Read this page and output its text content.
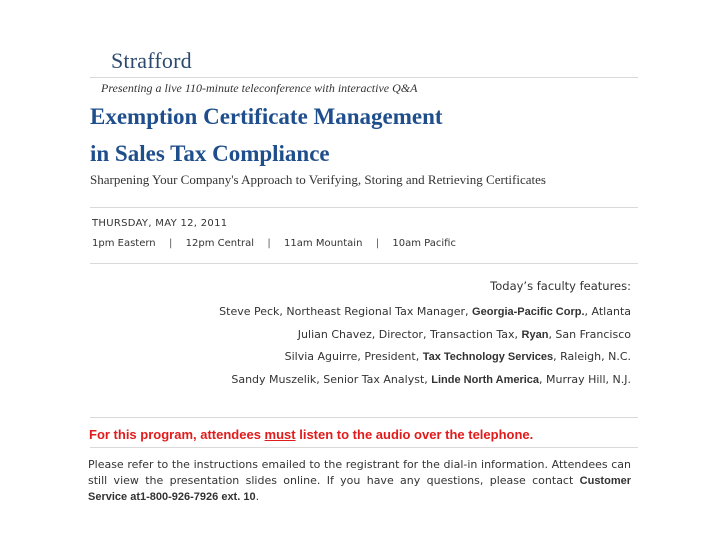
Strafford
Presenting a live 110-minute teleconference with interactive Q&A
Exemption Certificate Management
in Sales Tax Compliance
Sharpening Your Company's Approach to Verifying, Storing and Retrieving Certificates
THURSDAY, MAY 12, 2011
1pm Eastern	|	12pm Central	|	11am Mountain	|	10am Pacific
Today’s faculty features:
Steve Peck, Northeast Regional Tax Manager, Georgia-Pacific Corp., Atlanta
Julian Chavez, Director, Transaction Tax, Ryan, San Francisco
Silvia Aguirre, President, Tax Technology Services, Raleigh, N.C.
Sandy Muszelik, Senior Tax Analyst, Linde North America, Murray Hill, N.J.
For this program, attendees must listen to the audio over the telephone.
Please refer to the instructions emailed to the registrant for the dial-in information. Attendees can still view the presentation slides online. If you have any questions, please contact Customer Service at1-800-926-7926 ext. 10.
